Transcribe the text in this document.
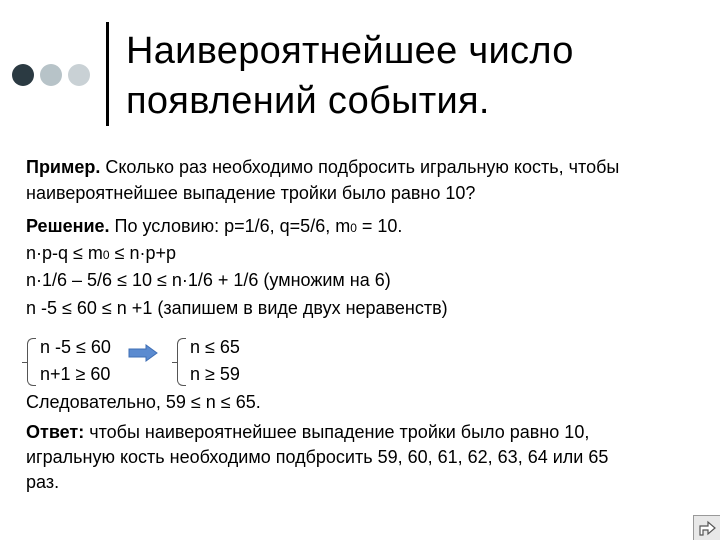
Наивероятнейшее число
появлений события.
Пример. Сколько раз необходимо подбросить игральную кость, чтобы
наивероятнейшее выпадение тройки было равно 10?
Решение. По условию: p=1/6, q=5/6, m0 = 10.
n·p-q ≤ m0 ≤ n·p+p
n·1/6 – 5/6 ≤ 10 ≤ n·1/6 + 1/6 (умножим на 6)
n -5 ≤ 60 ≤ n +1 (запишем в виде двух неравенств)
n -5 ≤ 60
n+1 ≥ 60
n ≤ 65
n ≥ 59
Следовательно, 59 ≤ n ≤ 65.
Ответ: чтобы наивероятнейшее выпадение тройки было равно 10,
игральную кость необходимо подбросить 59, 60, 61, 62, 63, 64 или 65
раз.
